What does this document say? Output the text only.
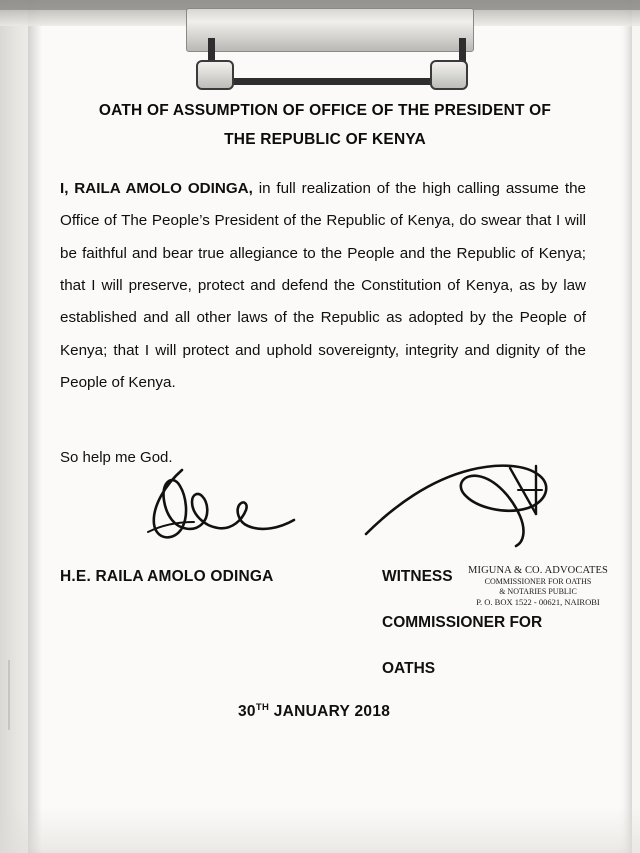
OATH OF ASSUMPTION OF OFFICE OF THE PRESIDENT OF
THE REPUBLIC OF KENYA

I, RAILA AMOLO ODINGA, in full realization of the high calling assume the Office of The People’s President of the Republic of Kenya, do swear that I will be faithful and bear true allegiance to the People and the Republic of Kenya; that I will preserve, protect and defend the Constitution of Kenya, as by law established and all other laws of the Republic as adopted by the People of Kenya; that I will protect and uphold sovereignty, integrity and dignity of the People of Kenya.

So help me God.
H.E. RAILA AMOLO ODINGA	WITNESS	MIGUNA & CO. ADVOCATES
COMMISSIONER FOR OATHS
& NOTARIES PUBLIC
P. O. BOX 1522 - 00621, NAIROBI
COMMISSIONER FOR
OATHS
30TH JANUARY 2018
